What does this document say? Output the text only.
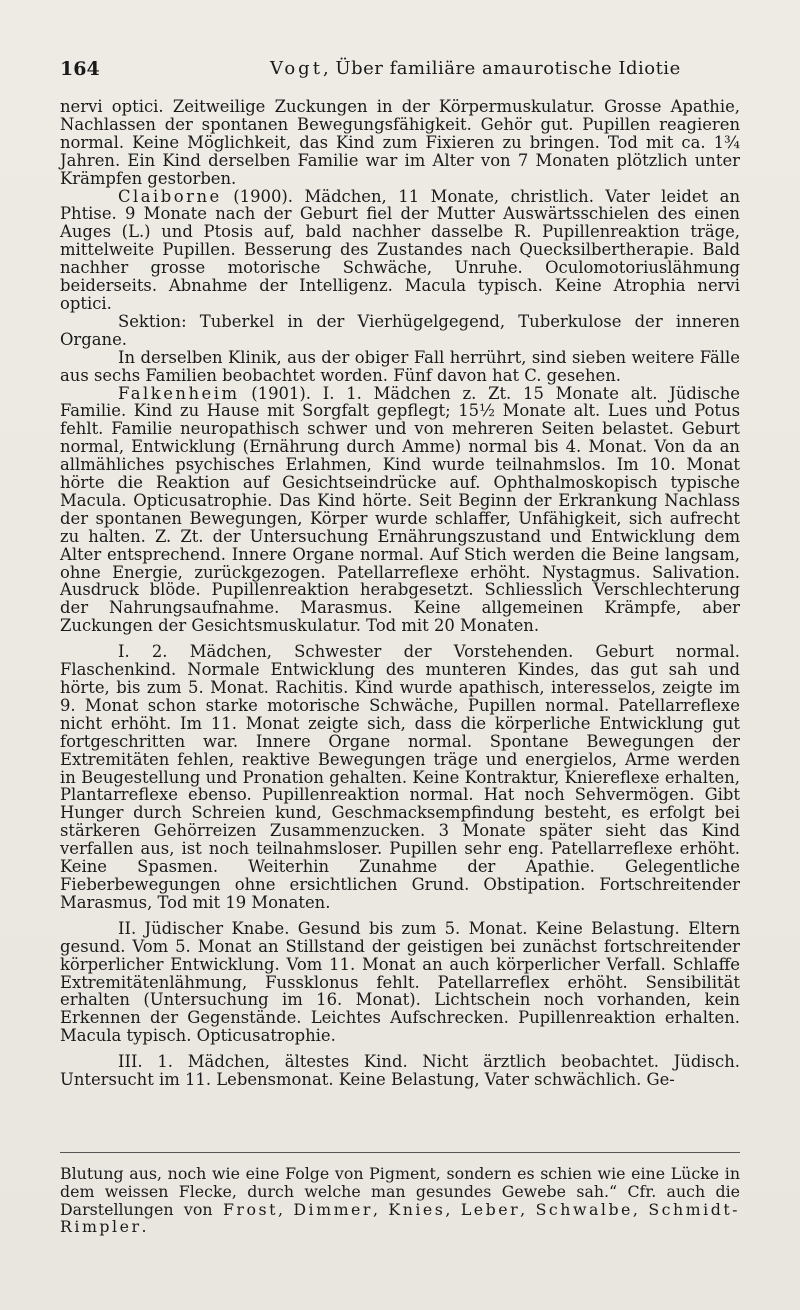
164	Vogt, Über familiäre amaurotische Idiotie

nervi optici. Zeitweilige Zuckungen in der Körpermuskulatur. Grosse Apathie, Nachlassen der spontanen Bewegungsfähigkeit. Gehör gut. Pupillen reagieren normal. Keine Möglichkeit, das Kind zum Fixieren zu bringen. Tod mit ca. 1¾ Jahren. Ein Kind derselben Familie war im Alter von 7 Monaten plötzlich unter Krämpfen gestorben.

Claiborne (1900). Mädchen, 11 Monate, christlich. Vater leidet an Phtise. 9 Monate nach der Geburt fiel der Mutter Auswärtsschielen des einen Auges (L.) und Ptosis auf, bald nachher dasselbe R. Pupillenreaktion träge, mittelweite Pupillen. Besserung des Zustandes nach Quecksilbertherapie. Bald nachher grosse motorische Schwäche, Unruhe. Oculomotoriuslähmung beiderseits. Abnahme der Intelligenz. Macula typisch. Keine Atrophia nervi optici.

Sektion: Tuberkel in der Vierhügelgegend, Tuberkulose der inneren Organe.

In derselben Klinik, aus der obiger Fall herrührt, sind sieben weitere Fälle aus sechs Familien beobachtet worden. Fünf davon hat C. gesehen.

Falkenheim (1901). I. 1. Mädchen z. Zt. 15 Monate alt. Jüdische Familie. Kind zu Hause mit Sorgfalt gepflegt; 15½ Monate alt. Lues und Potus fehlt. Familie neuropathisch schwer und von mehreren Seiten belastet. Geburt normal, Entwicklung (Ernährung durch Amme) normal bis 4. Monat. Von da an allmähliches psychisches Erlahmen, Kind wurde teilnahmslos. Im 10. Monat hörte die Reaktion auf Gesichtseindrücke auf. Ophthalmoskopisch typische Macula. Opticusatrophie. Das Kind hörte. Seit Beginn der Erkrankung Nachlass der spontanen Bewegungen, Körper wurde schlaffer, Unfähigkeit, sich aufrecht zu halten. Z. Zt. der Untersuchung Ernährungszustand und Entwicklung dem Alter entsprechend. Innere Organe normal. Auf Stich werden die Beine langsam, ohne Energie, zurückgezogen. Patellarreflexe erhöht. Nystagmus. Salivation. Ausdruck blöde. Pupillenreaktion herabgesetzt. Schliesslich Verschlechterung der Nahrungsaufnahme. Marasmus. Keine allgemeinen Krämpfe, aber Zuckungen der Gesichtsmuskulatur. Tod mit 20 Monaten.

I. 2. Mädchen, Schwester der Vorstehenden. Geburt normal. Flaschenkind. Normale Entwicklung des munteren Kindes, das gut sah und hörte, bis zum 5. Monat. Rachitis. Kind wurde apathisch, interesselos, zeigte im 9. Monat schon starke motorische Schwäche, Pupillen normal. Patellarreflexe nicht erhöht. Im 11. Monat zeigte sich, dass die körperliche Entwicklung gut fortgeschritten war. Innere Organe normal. Spontane Bewegungen der Extremitäten fehlen, reaktive Bewegungen träge und energielos, Arme werden in Beugestellung und Pronation gehalten. Keine Kontraktur, Kniereflexe erhalten, Plantarreflexe ebenso. Pupillenreaktion normal. Hat noch Sehvermögen. Gibt Hunger durch Schreien kund, Geschmacksempfindung besteht, es erfolgt bei stärkeren Gehörreizen Zusammenzucken. 3 Monate später sieht das Kind verfallen aus, ist noch teilnahmsloser. Pupillen sehr eng. Patellarreflexe erhöht. Keine Spasmen. Weiterhin Zunahme der Apathie. Gelegentliche Fieberbewegungen ohne ersichtlichen Grund. Obstipation. Fortschreitender Marasmus, Tod mit 19 Monaten.

II. Jüdischer Knabe. Gesund bis zum 5. Monat. Keine Belastung. Eltern gesund. Vom 5. Monat an Stillstand der geistigen bei zunächst fortschreitender körperlicher Entwicklung. Vom 11. Monat an auch körperlicher Verfall. Schlaffe Extremitätenlähmung, Fussklonus fehlt. Patellarreflex erhöht. Sensibilität erhalten (Untersuchung im 16. Monat). Lichtschein noch vorhanden, kein Erkennen der Gegenstände. Leichtes Aufschrecken. Pupillenreaktion erhalten. Macula typisch. Opticusatrophie.

III. 1. Mädchen, ältestes Kind. Nicht ärztlich beobachtet. Jüdisch. Untersucht im 11. Lebensmonat. Keine Belastung, Vater schwächlich. Ge-

Blutung aus, noch wie eine Folge von Pigment, sondern es schien wie eine Lücke in dem weissen Flecke, durch welche man gesundes Gewebe sah.“ Cfr. auch die Darstellungen von Frost, Dimmer, Knies, Leber, Schwalbe, Schmidt-Rimpler.
